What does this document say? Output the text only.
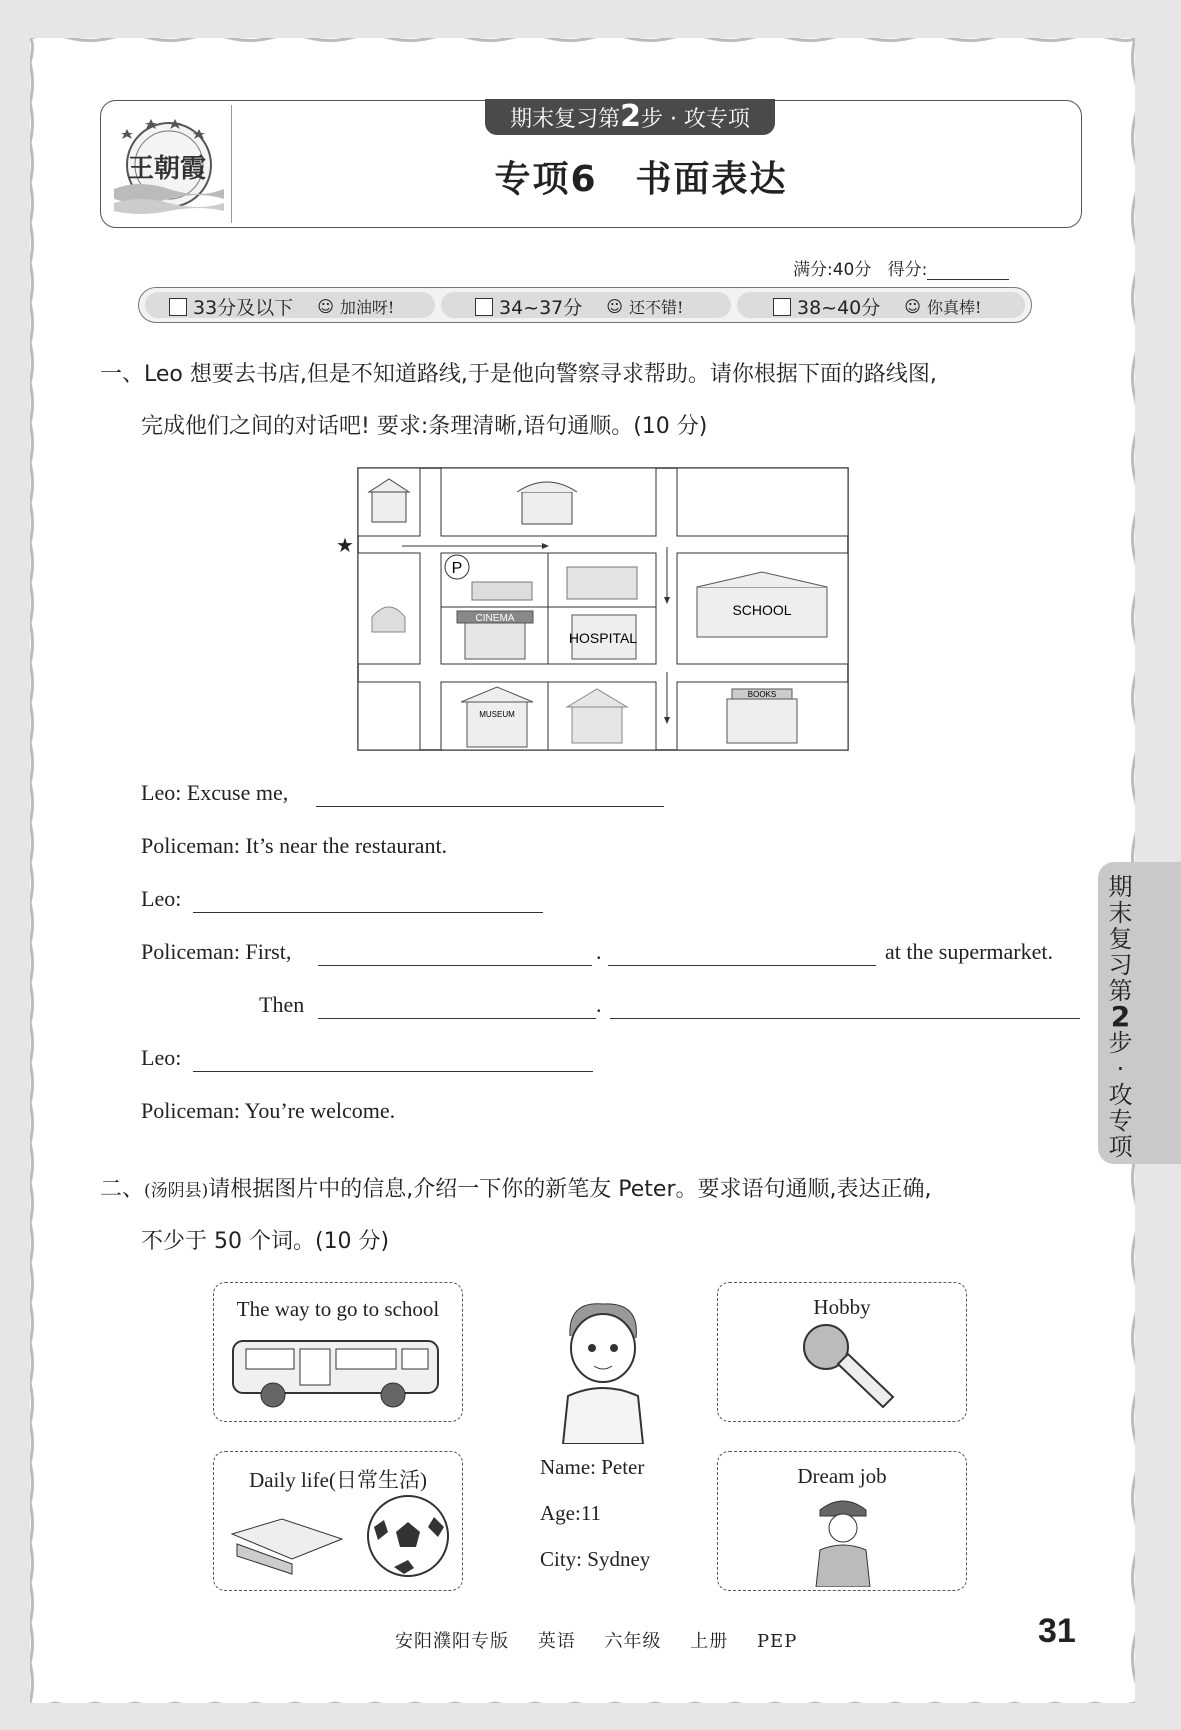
期末复习第2步 · 攻专项
专项6　书面表达
王朝霞
满分:40分 得分:
33分及以下 ☺ 加油呀!	34~37分 ☺ 还不错!	38~40分 ☺ 你真棒!
一、Leo 想要去书店,但是不知道路线,于是他向警察寻求帮助。请你根据下面的路线图,
完成他们之间的对话吧! 要求:条理清晰,语句通顺。(10 分)
P
CINEMA
HOSPITAL
SCHOOL
MUSEUM
BOOKS
★
Leo: Excuse me,
Policeman: It’s near the restaurant.
Leo:
Policeman: First,	.	at the supermarket.
Then	.
Leo:
Policeman: You’re welcome.
期
末
复
习
第
2
步
·
攻
专
项
二、(汤阴县)请根据图片中的信息,介绍一下你的新笔友 Peter。要求语句通顺,表达正确,
不少于 50 个词。(10 分)
The way to go to school	Hobby
Daily life(日常生活)	Dream job
Name: Peter
Age:11
City: Sydney
安阳濮阳专版 英语 六年级 上册 PEP	31
